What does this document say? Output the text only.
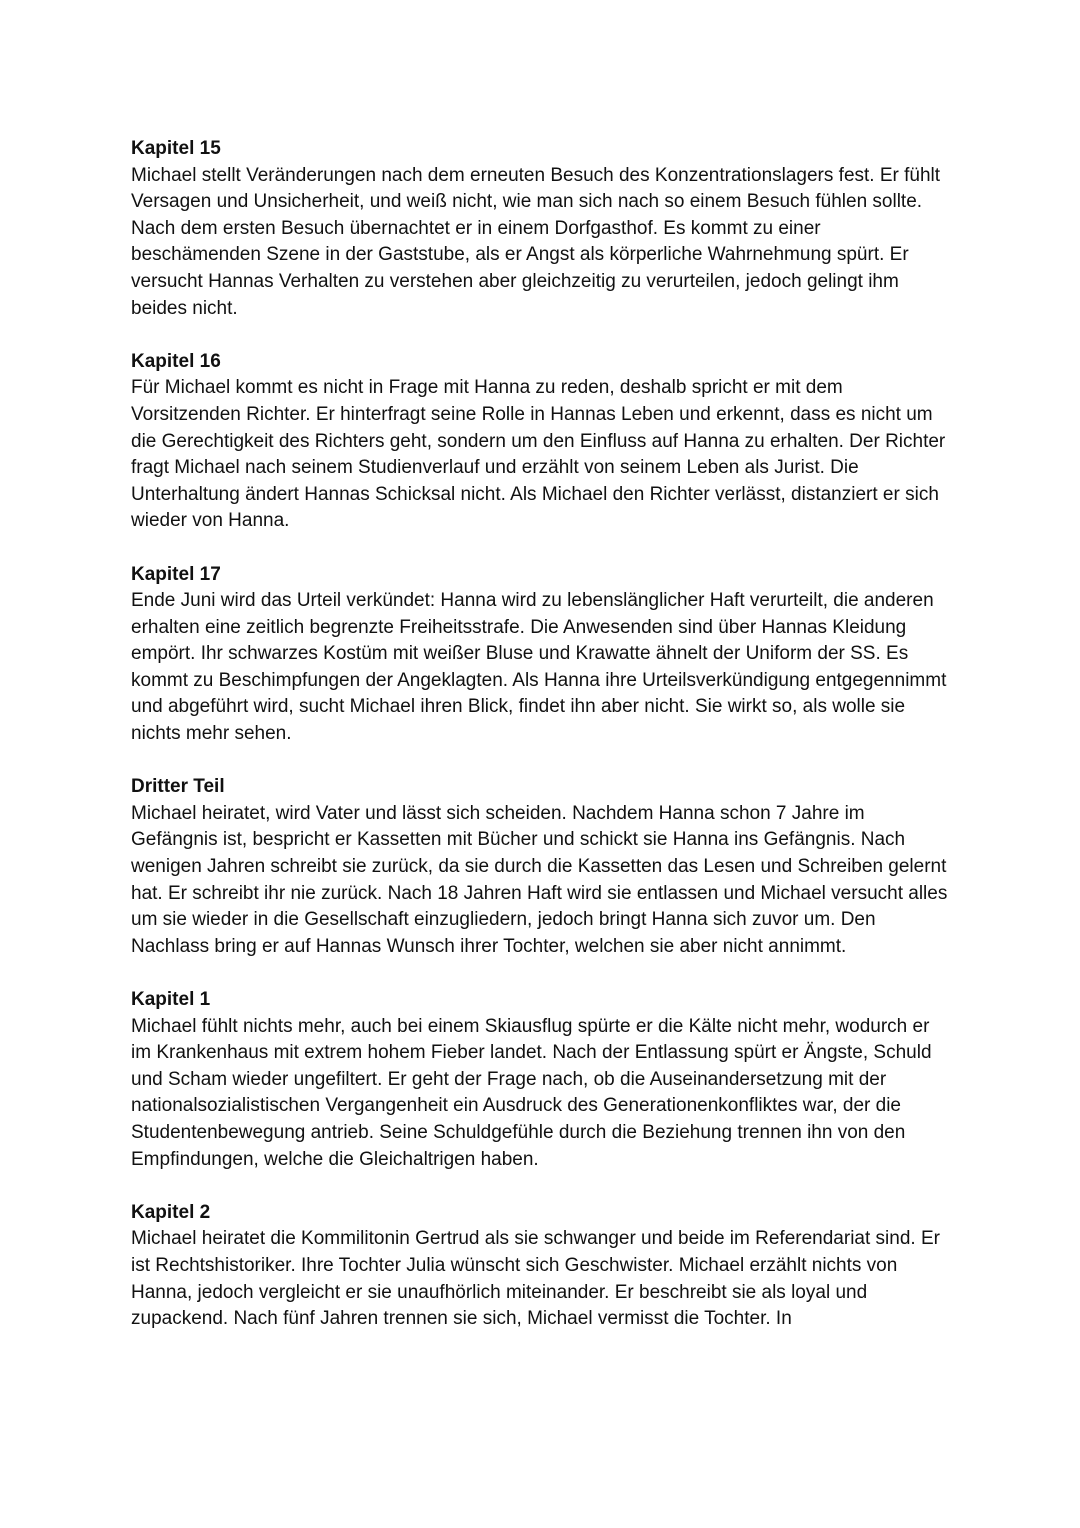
Kapitel 15
Michael stellt Veränderungen nach dem erneuten Besuch des Konzentrationslagers fest. Er fühlt Versagen und Unsicherheit, und weiß nicht, wie man sich nach so einem Besuch fühlen sollte. Nach dem ersten Besuch übernachtet er in einem Dorfgasthof. Es kommt zu einer beschämenden Szene in der Gaststube, als er Angst als körperliche Wahrnehmung spürt. Er versucht Hannas Verhalten zu verstehen aber gleichzeitig zu verurteilen, jedoch gelingt ihm beides nicht.
Kapitel 16
Für Michael kommt es nicht in Frage mit Hanna zu reden, deshalb spricht er mit dem Vorsitzenden Richter. Er hinterfragt seine Rolle in Hannas Leben und erkennt, dass es nicht um die Gerechtigkeit des Richters geht, sondern um den Einfluss auf Hanna zu erhalten. Der Richter fragt Michael nach seinem Studienverlauf und erzählt von seinem Leben als Jurist. Die Unterhaltung ändert Hannas Schicksal nicht. Als Michael den Richter verlässt, distanziert er sich wieder von Hanna.
Kapitel 17
Ende Juni wird das Urteil verkündet: Hanna wird zu lebenslänglicher Haft verurteilt, die anderen erhalten eine zeitlich begrenzte Freiheitsstrafe. Die Anwesenden sind über Hannas Kleidung empört. Ihr schwarzes Kostüm mit weißer Bluse und Krawatte ähnelt der Uniform der SS. Es kommt zu Beschimpfungen der Angeklagten. Als Hanna ihre Urteilsverkündigung entgegennimmt und abgeführt wird, sucht Michael ihren Blick, findet ihn aber nicht. Sie wirkt so, als wolle sie nichts mehr sehen.
Dritter Teil
Michael heiratet, wird Vater und lässt sich scheiden. Nachdem Hanna schon 7 Jahre im Gefängnis ist, bespricht er Kassetten mit Bücher und schickt sie Hanna ins Gefängnis. Nach wenigen Jahren schreibt sie zurück, da sie durch die Kassetten das Lesen und Schreiben gelernt hat. Er schreibt ihr nie zurück. Nach 18 Jahren Haft wird sie entlassen und Michael versucht alles um sie wieder in die Gesellschaft einzugliedern, jedoch bringt Hanna sich zuvor um. Den Nachlass bring er auf Hannas Wunsch ihrer Tochter, welchen sie aber nicht annimmt.
Kapitel 1
Michael fühlt nichts mehr, auch bei einem Skiausflug spürte er die Kälte nicht mehr, wodurch er im Krankenhaus mit extrem hohem Fieber landet. Nach der Entlassung spürt er Ängste, Schuld und Scham wieder ungefiltert. Er geht der Frage nach, ob die Auseinandersetzung mit der nationalsozialistischen Vergangenheit ein Ausdruck des Generationenkonfliktes war, der die Studentenbewegung antrieb. Seine Schuldgefühle durch die Beziehung trennen ihn von den Empfindungen, welche die Gleichaltrigen haben.
Kapitel 2
Michael heiratet die Kommilitonin Gertrud als sie schwanger und beide im Referendariat sind. Er ist Rechtshistoriker. Ihre Tochter Julia wünscht sich Geschwister. Michael erzählt nichts von Hanna, jedoch vergleicht er sie unaufhörlich miteinander. Er beschreibt sie als loyal und zupackend. Nach fünf Jahren trennen sie sich, Michael vermisst die Tochter. In
